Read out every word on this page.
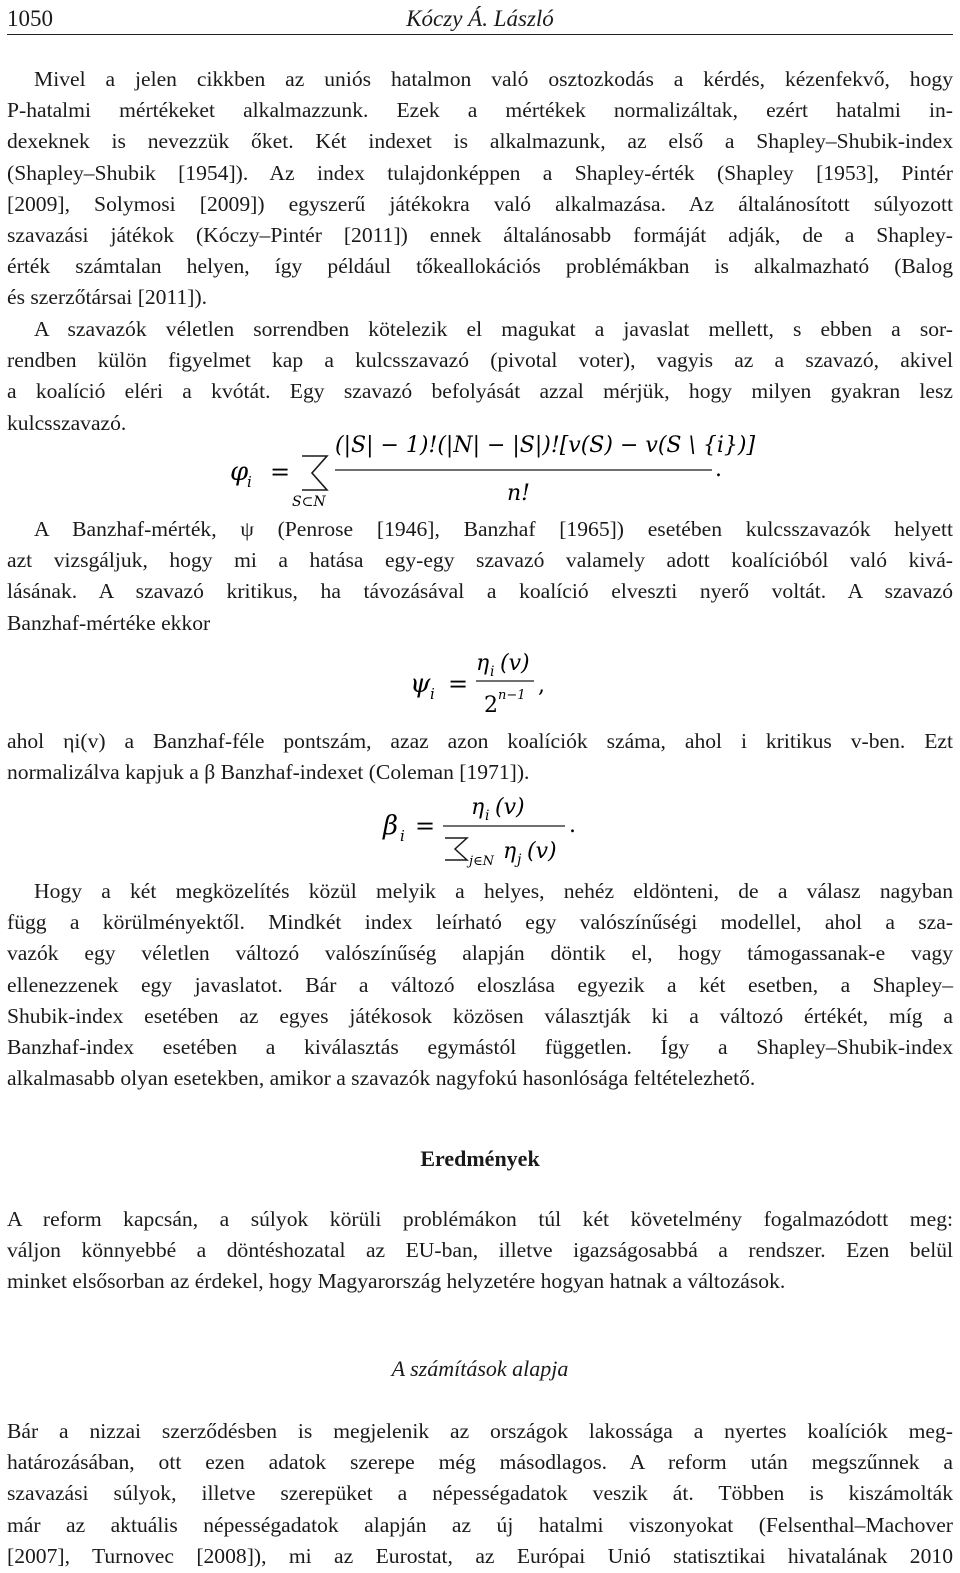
1050	Kóczy Á. László
Mivel a jelen cikkben az uniós hatalmon való osztozkodás a kérdés, kézenfekvő, hogy
P-hatalmi mértékeket alkalmazzunk. Ezek a mértékek normalizáltak, ezért hatalmi in-
dexeknek is nevezzük őket. Két indexet is alkalmazunk, az első a Shapley–Shubik-index
(Shapley–Shubik [1954]). Az index tulajdonképpen a Shapley-érték (Shapley [1953], Pintér
[2009], Solymosi [2009]) egyszerű játékokra való alkalmazása. Az általánosított súlyozott
szavazási játékok (Kóczy–Pintér [2011]) ennek általánosabb formáját adják, de a Shapley-
érték számtalan helyen, így például tőkeallokációs problémákban is alkalmazható (Balog
és szerzőtársai [2011]).
A szavazók véletlen sorrendben kötelezik el magukat a javaslat mellett, s ebben a sor-
rendben külön figyelmet kap a kulcsszavazó (pivotal voter), vagyis az a szavazó, akivel
a koalíció eléri a kvótát. Egy szavazó befolyását azzal mérjük, hogy milyen gyakran lesz
kulcsszavazó.
φ
i =
S⊂N
(|S| − 1)!(|N| − |S|)![v(S) − v(S \ {i})]
n!
.
A Banzhaf-mérték, ψ (Penrose [1946], Banzhaf [1965]) esetében kulcsszavazók helyett
azt vizsgáljuk, hogy mi a hatása egy-egy szavazó valamely adott koalícióból való kivá-
lásának. A szavazó kritikus, ha távozásával a koalíció elveszti nyerő voltát. A szavazó
Banzhaf-mértéke ekkor
ψ i =
η i (v)
2 n−1 ,
ahol ηi(v) a Banzhaf-féle pontszám, azaz azon koalíciók száma, ahol i kritikus v-ben. Ezt
normalizálva kapjuk a β Banzhaf-indexet (Coleman [1971]).
β i =
η i (v)
j∈N η j (v)
.
Hogy a két megközelítés közül melyik a helyes, nehéz eldönteni, de a válasz nagyban
függ a körülményektől. Mindkét index leírható egy valószínűségi modellel, ahol a sza-
vazók egy véletlen változó valószínűség alapján döntik el, hogy támogassanak-e vagy
ellenezzenek egy javaslatot. Bár a változó eloszlása egyezik a két esetben, a Shapley–
Shubik-index esetében az egyes játékosok közösen választják ki a változó értékét, míg a
Banzhaf-index esetében a kiválasztás egymástól független. Így a Shapley–Shubik-index
alkalmasabb olyan esetekben, amikor a szavazók nagyfokú hasonlósága feltételezhető.
Eredmények
A reform kapcsán, a súlyok körüli problémákon túl két követelmény fogalmazódott meg:
váljon könnyebbé a döntéshozatal az EU-ban, illetve igazságosabbá a rendszer. Ezen belül
minket elsősorban az érdekel, hogy Magyarország helyzetére hogyan hatnak a változások.
A számítások alapja
Bár a nizzai szerződésben is megjelenik az országok lakossága a nyertes koalíciók meg-
határozásában, ott ezen adatok szerepe még másodlagos. A reform után megszűnnek a
szavazási súlyok, illetve szerepüket a népességadatok veszik át. Többen is kiszámolták
már az aktuális népességadatok alapján az új hatalmi viszonyokat (Felsenthal–Machover
[2007], Turnovec [2008]), mi az Eurostat, az Európai Unió statisztikai hivatalának 2010
